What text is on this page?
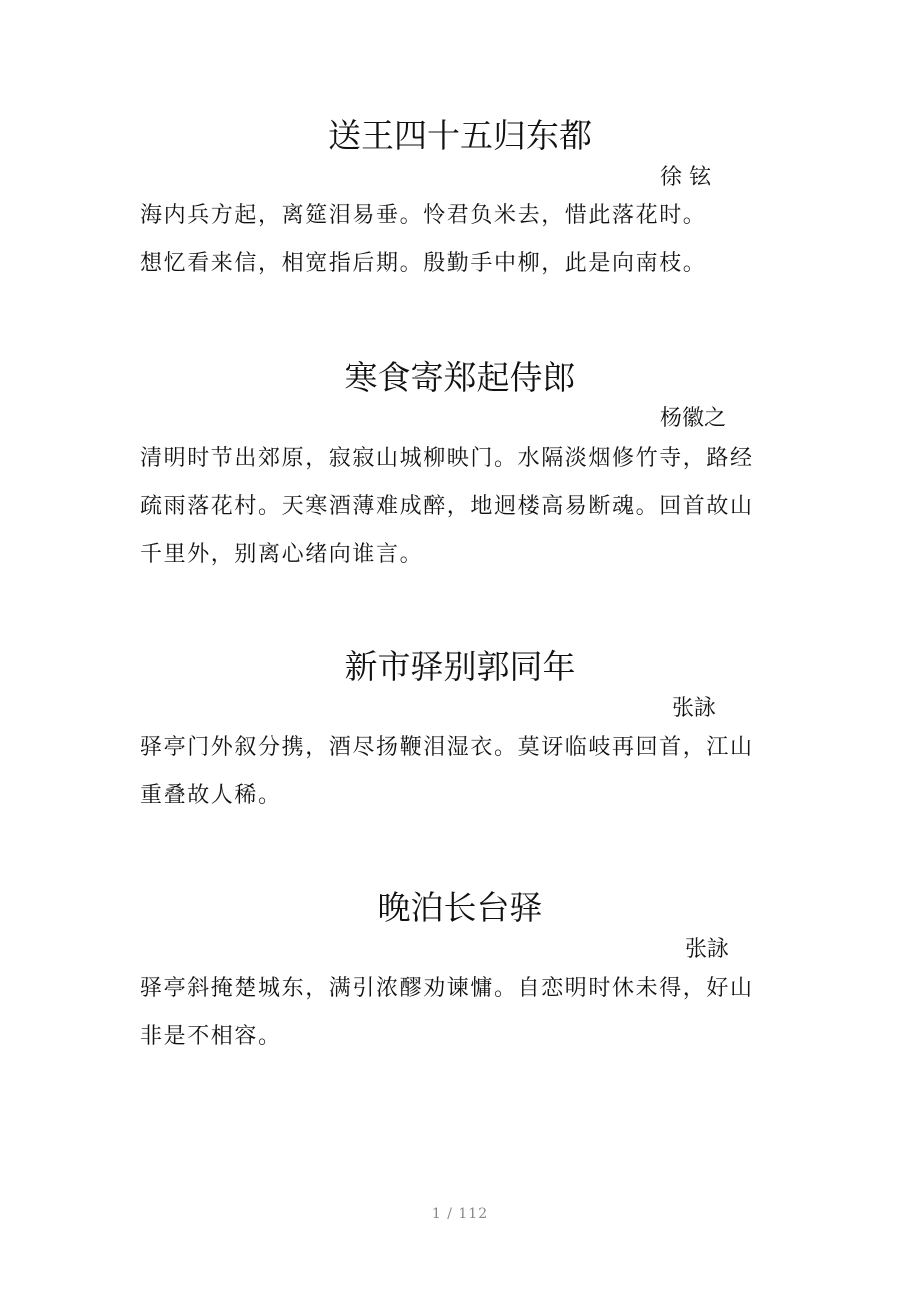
送王四十五归东都
徐 铉
海内兵方起，离筵泪易垂。怜君负米去，惜此落花时。
想忆看来信，相宽指后期。殷勤手中柳，此是向南枝。
寒食寄郑起侍郎
杨徽之
清明时节出郊原，寂寂山城柳映门。水隔淡烟修竹寺，路经
疏雨落花村。天寒酒薄难成醉，地迥楼高易断魂。回首故山
千里外，别离心绪向谁言。
新市驿别郭同年
张詠
驿亭门外叙分携，酒尽扬鞭泪湿衣。莫讶临岐再回首，江山
重叠故人稀。
晚泊长台驿
张詠
驿亭斜掩楚城东，满引浓醪劝谏慵。自恋明时休未得，好山
非是不相容。
1 / 112
